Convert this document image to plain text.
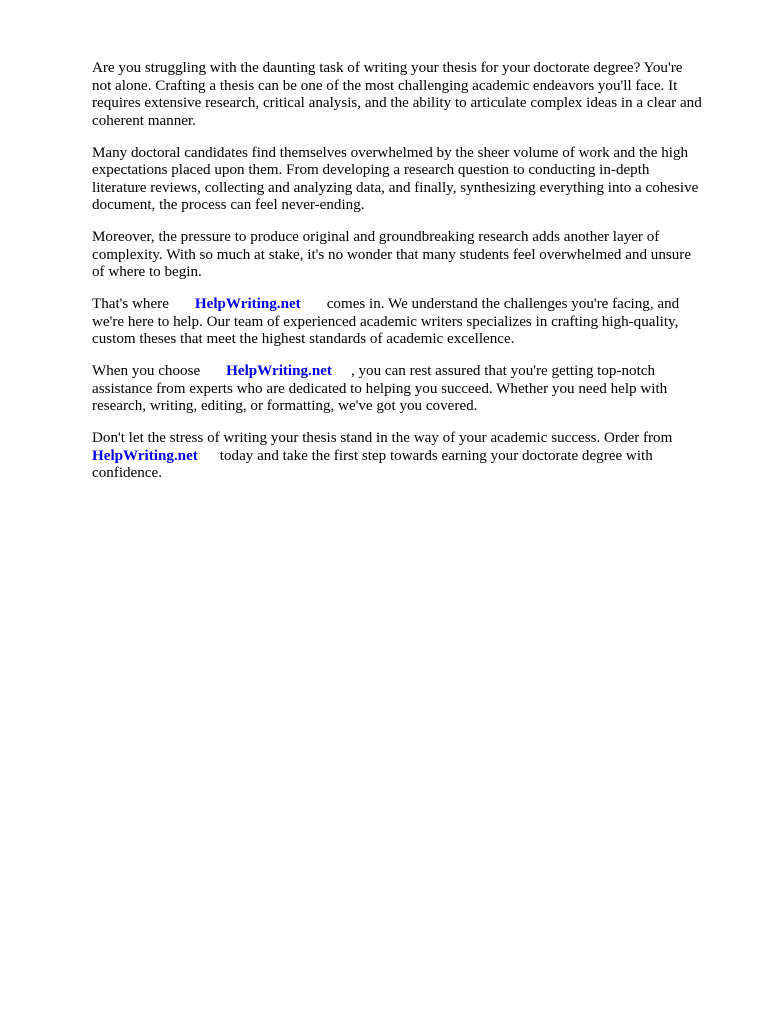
Are you struggling with the daunting task of writing your thesis for your doctorate degree? You're
not alone. Crafting a thesis can be one of the most challenging academic endeavors you'll face. It
requires extensive research, critical analysis, and the ability to articulate complex ideas in a clear and
coherent manner.

Many doctoral candidates find themselves overwhelmed by the sheer volume of work and the high
expectations placed upon them. From developing a research question to conducting in-depth
literature reviews, collecting and analyzing data, and finally, synthesizing everything into a cohesive
document, the process can feel never-ending.

Moreover, the pressure to produce original and groundbreaking research adds another layer of
complexity. With so much at stake, it's no wonder that many students feel overwhelmed and unsure
of where to begin.

That's where HelpWriting.net comes in. We understand the challenges you're facing, and
we're here to help. Our team of experienced academic writers specializes in crafting high-quality,
custom theses that meet the highest standards of academic excellence.

When you choose HelpWriting.net , you can rest assured that you're getting top-notch
assistance from experts who are dedicated to helping you succeed. Whether you need help with
research, writing, editing, or formatting, we've got you covered.

Don't let the stress of writing your thesis stand in the way of your academic success. Order from
HelpWriting.net today and take the first step towards earning your doctorate degree with
confidence.
